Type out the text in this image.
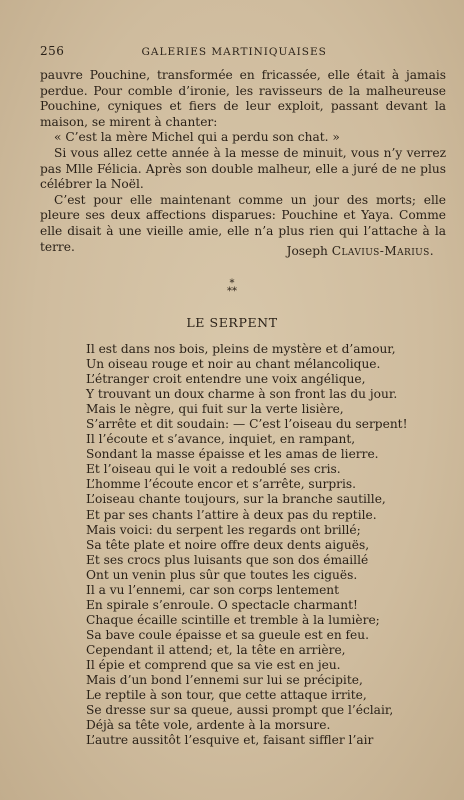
256	GALERIES MARTINIQUAISES

pauvre Pouchine, transformée en fricassée, elle était à jamais perdue. Pour comble d’ironie, les ravisseurs de la malheureuse Pouchine, cyniques et fiers de leur exploit, passant devant la maison, se mirent à chanter:

« C’est la mère Michel qui a perdu son chat. »

Si vous allez cette année à la messe de minuit, vous n’y verrez pas Mlle Félicia. Après son double malheur, elle a juré de ne plus célébrer la Noël.

C’est pour elle maintenant comme un jour des morts; elle pleure ses deux affections disparues: Pouchine et Yaya. Comme elle disait à une vieille amie, elle n’a plus rien qui l’attache à la terre.	Joseph Clavius-Marius.
*
**
LE SERPENT
Il est dans nos bois, pleins de mystère et d’amour,
Un oiseau rouge et noir au chant mélancolique.
L’étranger croit entendre une voix angélique,
Y trouvant un doux charme à son front las du jour.
Mais le nègre, qui fuit sur la verte lisière,
S’arrête et dit soudain: — C’est l’oiseau du serpent!
Il l’écoute et s’avance, inquiet, en rampant,
Sondant la masse épaisse et les amas de lierre.
Et l’oiseau qui le voit a redoublé ses cris.
L’homme l’écoute encor et s’arrête, surpris.
L’oiseau chante toujours, sur la branche sautille,
Et par ses chants l’attire à deux pas du reptile.
Mais voici: du serpent les regards ont brillé;
Sa tête plate et noire offre deux dents aiguës,
Et ses crocs plus luisants que son dos émaillé
Ont un venin plus sûr que toutes les ciguës.
Il a vu l’ennemi, car son corps lentement
En spirale s’enroule. O spectacle charmant!
Chaque écaille scintille et tremble à la lumière;
Sa bave coule épaisse et sa gueule est en feu.
Cependant il attend; et, la tête en arrière,
Il épie et comprend que sa vie est en jeu.
Mais d’un bond l’ennemi sur lui se précipite,
Le reptile à son tour, que cette attaque irrite,
Se dresse sur sa queue, aussi prompt que l’éclair,
Déjà sa tête vole, ardente à la morsure.
L’autre aussitôt l’esquive et, faisant siffler l’air
